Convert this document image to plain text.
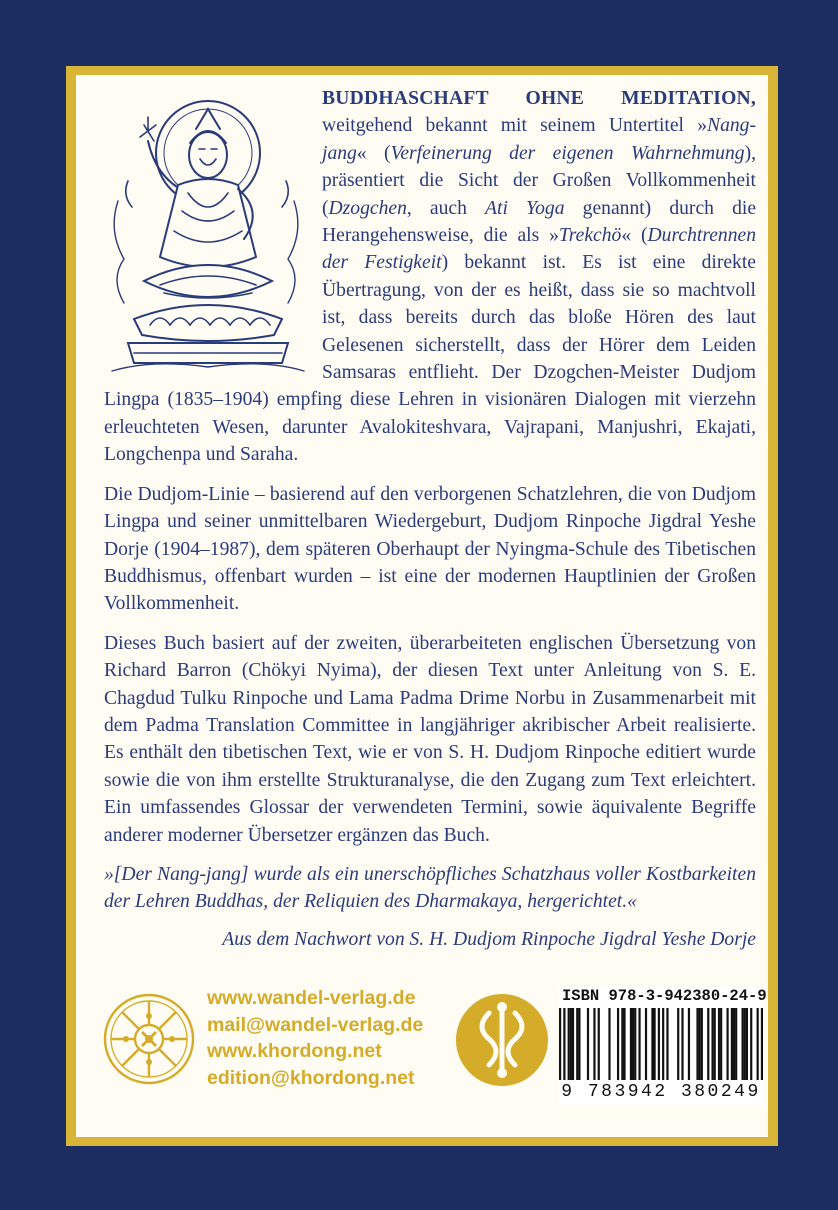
BUDDHASCHAFT OHNE MEDITATION, weitgehend bekannt mit seinem Untertitel »Nang-jang« (Verfeinerung der eigenen Wahrnehmung), präsentiert die Sicht der Großen Vollkommenheit (Dzogchen, auch Ati Yoga genannt) durch die Herangehensweise, die als »Trekchö« (Durchtrennen der Festigkeit) bekannt ist. Es ist eine direkte Übertragung, von der es heißt, dass sie so machtvoll ist, dass bereits durch das bloße Hören des laut Gelesenen sicherstellt, dass der Hörer dem Leiden Samsaras entflieht. Der Dzogchen-Meister Dudjom Lingpa (1835–1904) empfing diese Lehren in visionären Dialogen mit vierzehn erleuchteten Wesen, darunter Avalokiteshvara, Vajrapani, Manjushri, Ekajati, Longchenpa und Saraha.

Die Dudjom-Linie – basierend auf den verborgenen Schatzlehren, die von Dudjom Lingpa und seiner unmittelbaren Wiedergeburt, Dudjom Rinpoche Jigdral Yeshe Dorje (1904–1987), dem späteren Oberhaupt der Nyingma-Schule des Tibetischen Buddhismus, offenbart wurden – ist eine der modernen Hauptlinien der Großen Vollkommenheit.

Dieses Buch basiert auf der zweiten, überarbeiteten englischen Übersetzung von Richard Barron (Chökyi Nyima), der diesen Text unter Anleitung von S. E. Chagdud Tulku Rinpoche und Lama Padma Drime Norbu in Zusammenarbeit mit dem Padma Translation Committee in langjähriger akribischer Arbeit realisierte. Es enthält den tibetischen Text, wie er von S. H. Dudjom Rinpoche editiert wurde sowie die von ihm erstellte Strukturanalyse, die den Zugang zum Text erleichtert. Ein umfassendes Glossar der verwendeten Termini, sowie äquivalente Begriffe anderer moderner Übersetzer ergänzen das Buch.

»[Der Nang-jang] wurde als ein unerschöpfliches Schatzhaus voller Kostbarkeiten der Lehren Buddhas, der Reliquien des Dharmakaya, hergerichtet.«

Aus dem Nachwort von S. H. Dudjom Rinpoche Jigdral Yeshe Dorje

www.wandel-verlag.de
mail@wandel-verlag.de
www.khordong.net
edition@khordong.net
ISBN 978-3-942380-24-9
9 783942 380249
